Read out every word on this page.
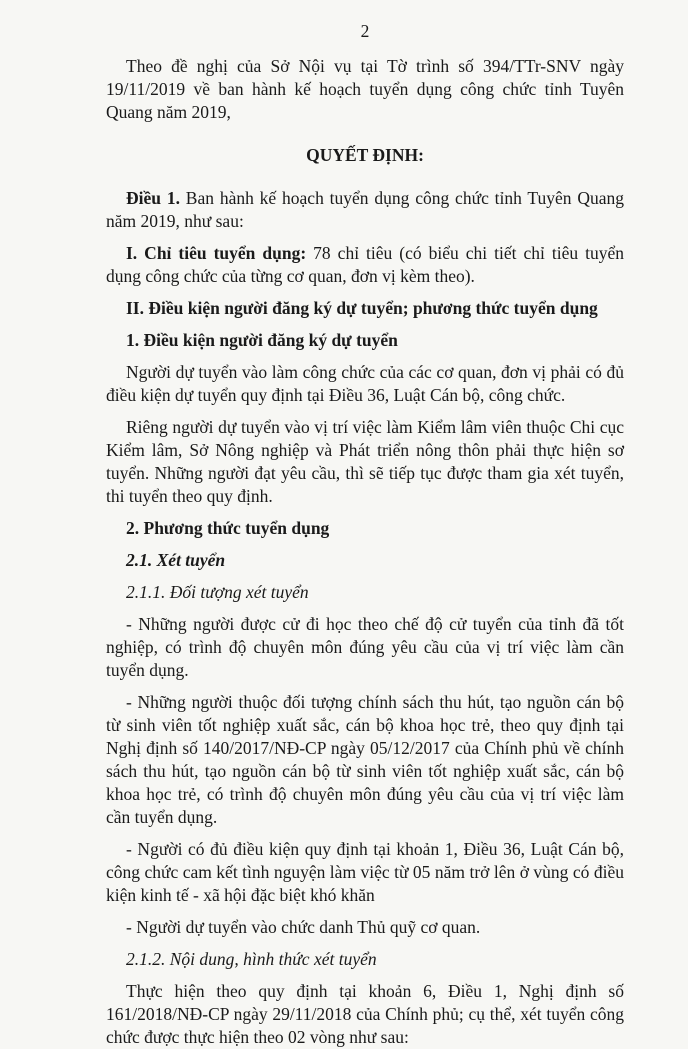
2

Theo đề nghị của Sở Nội vụ tại Tờ trình số 394/TTr-SNV ngày 19/11/2019 về ban hành kế hoạch tuyển dụng công chức tỉnh Tuyên Quang năm 2019,

QUYẾT ĐỊNH:

Điều 1. Ban hành kế hoạch tuyển dụng công chức tỉnh Tuyên Quang năm 2019, như sau:

I. Chỉ tiêu tuyển dụng: 78 chỉ tiêu (có biểu chi tiết chỉ tiêu tuyển dụng công chức của từng cơ quan, đơn vị kèm theo).

II. Điều kiện người đăng ký dự tuyển; phương thức tuyển dụng

1. Điều kiện người đăng ký dự tuyển

Người dự tuyển vào làm công chức của các cơ quan, đơn vị phải có đủ điều kiện dự tuyển quy định tại Điều 36, Luật Cán bộ, công chức.

Riêng người dự tuyển vào vị trí việc làm Kiểm lâm viên thuộc Chi cục Kiểm lâm, Sở Nông nghiệp và Phát triển nông thôn phải thực hiện sơ tuyển. Những người đạt yêu cầu, thì sẽ tiếp tục được tham gia xét tuyển, thi tuyển theo quy định.

2. Phương thức tuyển dụng

2.1. Xét tuyển

2.1.1. Đối tượng xét tuyển

- Những người được cử đi học theo chế độ cử tuyển của tỉnh đã tốt nghiệp, có trình độ chuyên môn đúng yêu cầu của vị trí việc làm cần tuyển dụng.

- Những người thuộc đối tượng chính sách thu hút, tạo nguồn cán bộ từ sinh viên tốt nghiệp xuất sắc, cán bộ khoa học trẻ, theo quy định tại Nghị định số 140/2017/NĐ-CP ngày 05/12/2017 của Chính phủ về chính sách thu hút, tạo nguồn cán bộ từ sinh viên tốt nghiệp xuất sắc, cán bộ khoa học trẻ, có trình độ chuyên môn đúng yêu cầu của vị trí việc làm cần tuyển dụng.

- Người có đủ điều kiện quy định tại khoản 1, Điều 36, Luật Cán bộ, công chức cam kết tình nguyện làm việc từ 05 năm trở lên ở vùng có điều kiện kinh tế - xã hội đặc biệt khó khăn

- Người dự tuyển vào chức danh Thủ quỹ cơ quan.

2.1.2. Nội dung, hình thức xét tuyển

Thực hiện theo quy định tại khoản 6, Điều 1, Nghị định số 161/2018/NĐ-CP ngày 29/11/2018 của Chính phủ; cụ thể, xét tuyển công chức được thực hiện theo 02 vòng như sau:
